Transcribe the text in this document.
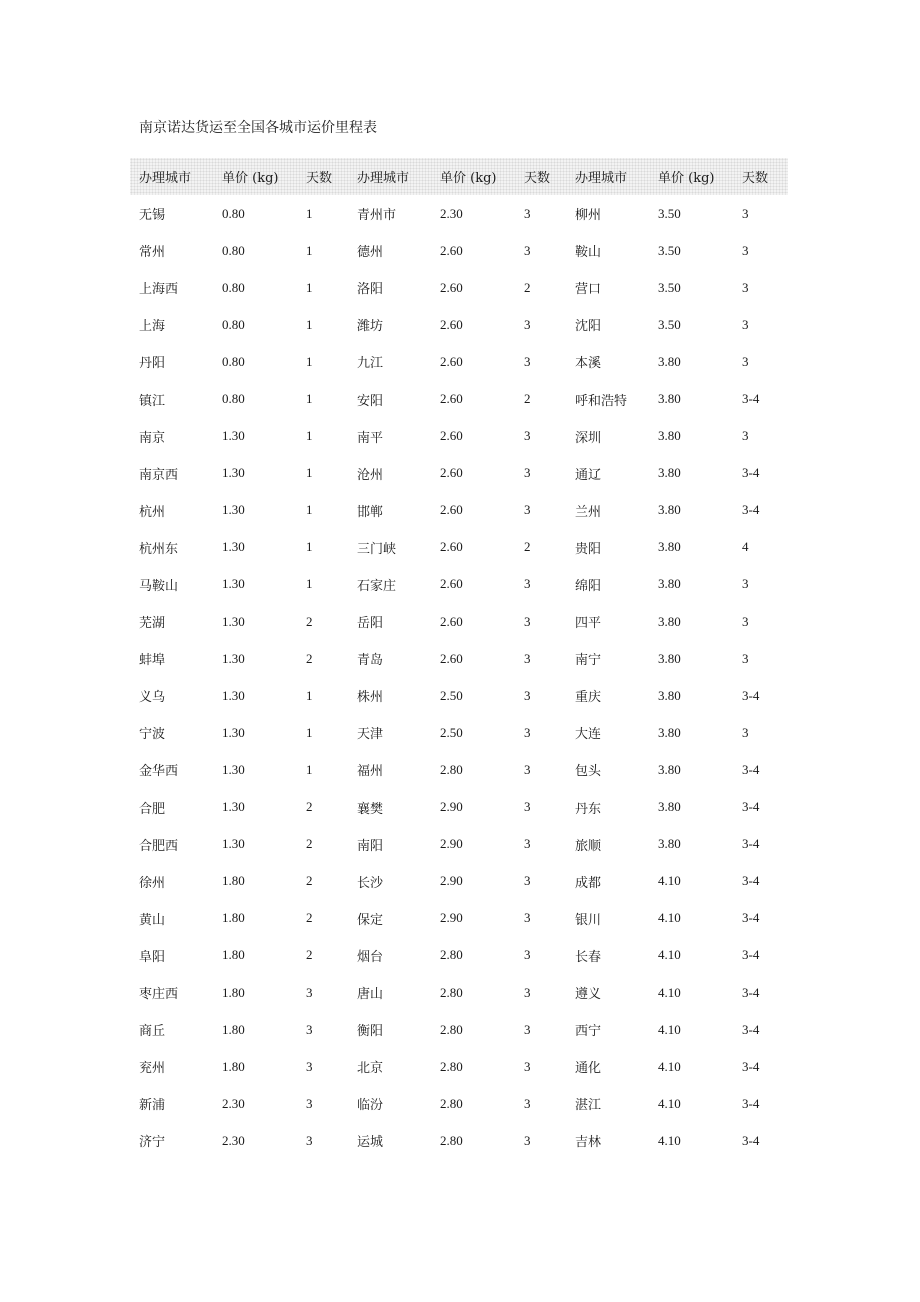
南京诺达货运至全国各城市运价里程表
办理城市	单价 (kg)	天数	办理城市	单价 (kg)	天数	办理城市	单价 (kg)	天数
无锡	0.80	1	青州市	2.30	3	柳州	3.50	3
常州	0.80	1	德州	2.60	3	鞍山	3.50	3
上海西	0.80	1	洛阳	2.60	2	营口	3.50	3
上海	0.80	1	潍坊	2.60	3	沈阳	3.50	3
丹阳	0.80	1	九江	2.60	3	本溪	3.80	3
镇江	0.80	1	安阳	2.60	2	呼和浩特	3.80	3-4
南京	1.30	1	南平	2.60	3	深圳	3.80	3
南京西	1.30	1	沧州	2.60	3	通辽	3.80	3-4
杭州	1.30	1	邯郸	2.60	3	兰州	3.80	3-4
杭州东	1.30	1	三门峡	2.60	2	贵阳	3.80	4
马鞍山	1.30	1	石家庄	2.60	3	绵阳	3.80	3
芜湖	1.30	2	岳阳	2.60	3	四平	3.80	3
蚌埠	1.30	2	青岛	2.60	3	南宁	3.80	3
义乌	1.30	1	株州	2.50	3	重庆	3.80	3-4
宁波	1.30	1	天津	2.50	3	大连	3.80	3
金华西	1.30	1	福州	2.80	3	包头	3.80	3-4
合肥	1.30	2	襄樊	2.90	3	丹东	3.80	3-4
合肥西	1.30	2	南阳	2.90	3	旅顺	3.80	3-4
徐州	1.80	2	长沙	2.90	3	成都	4.10	3-4
黄山	1.80	2	保定	2.90	3	银川	4.10	3-4
阜阳	1.80	2	烟台	2.80	3	长春	4.10	3-4
枣庄西	1.80	3	唐山	2.80	3	遵义	4.10	3-4
商丘	1.80	3	衡阳	2.80	3	西宁	4.10	3-4
兖州	1.80	3	北京	2.80	3	通化	4.10	3-4
新浦	2.30	3	临汾	2.80	3	湛江	4.10	3-4
济宁	2.30	3	运城	2.80	3	吉林	4.10	3-4
